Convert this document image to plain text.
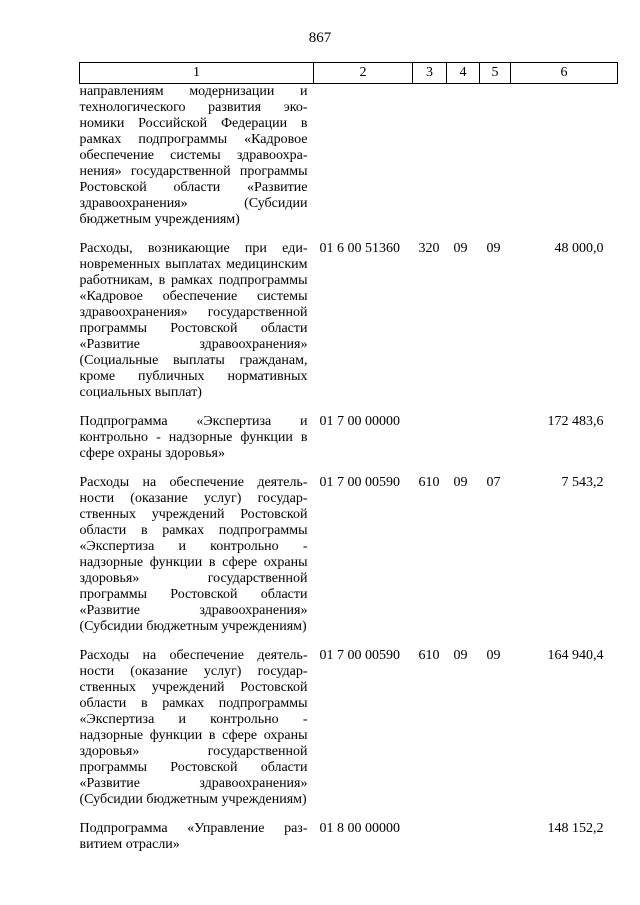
867
1	2	3	4	5	6
направлениям модернизации и технологического развития экономики Российской Федерации в рамках подпрограммы «Кадровое обеспечение системы здравоохранения» государственной программы Ростовской области «Развитие здравоохранения» (Субсидии бюджетным учреждениям)					
Расходы, возникающие при единовременных выплатах медицинским работникам, в рамках подпрограммы «Кадровое обеспечение системы здравоохранения» государственной программы Ростовской области «Развитие здравоохранения» (Социальные выплаты гражданам, кроме публичных нормативных социальных выплат)	01 6 00 51360	320	09	09	48 000,0
Подпрограмма «Экспертиза и контрольно - надзорные функции в сфере охраны здоровья»	01 7 00 00000				172 483,6
Расходы на обеспечение деятельности (оказание услуг) государственных учреждений Ростовской области в рамках подпрограммы «Экспертиза и контрольно - надзорные функции в сфере охраны здоровья» государственной программы Ростовской области «Развитие здравоохранения» (Субсидии бюджетным учреждениям)	01 7 00 00590	610	09	07	7 543,2
Расходы на обеспечение деятельности (оказание услуг) государственных учреждений Ростовской области в рамках подпрограммы «Экспертиза и контрольно - надзорные функции в сфере охраны здоровья» государственной программы Ростовской области «Развитие здравоохранения» (Субсидии бюджетным учреждениям)	01 7 00 00590	610	09	09	164 940,4
Подпрограмма «Управление развитием отрасли»	01 8 00 00000				148 152,2
